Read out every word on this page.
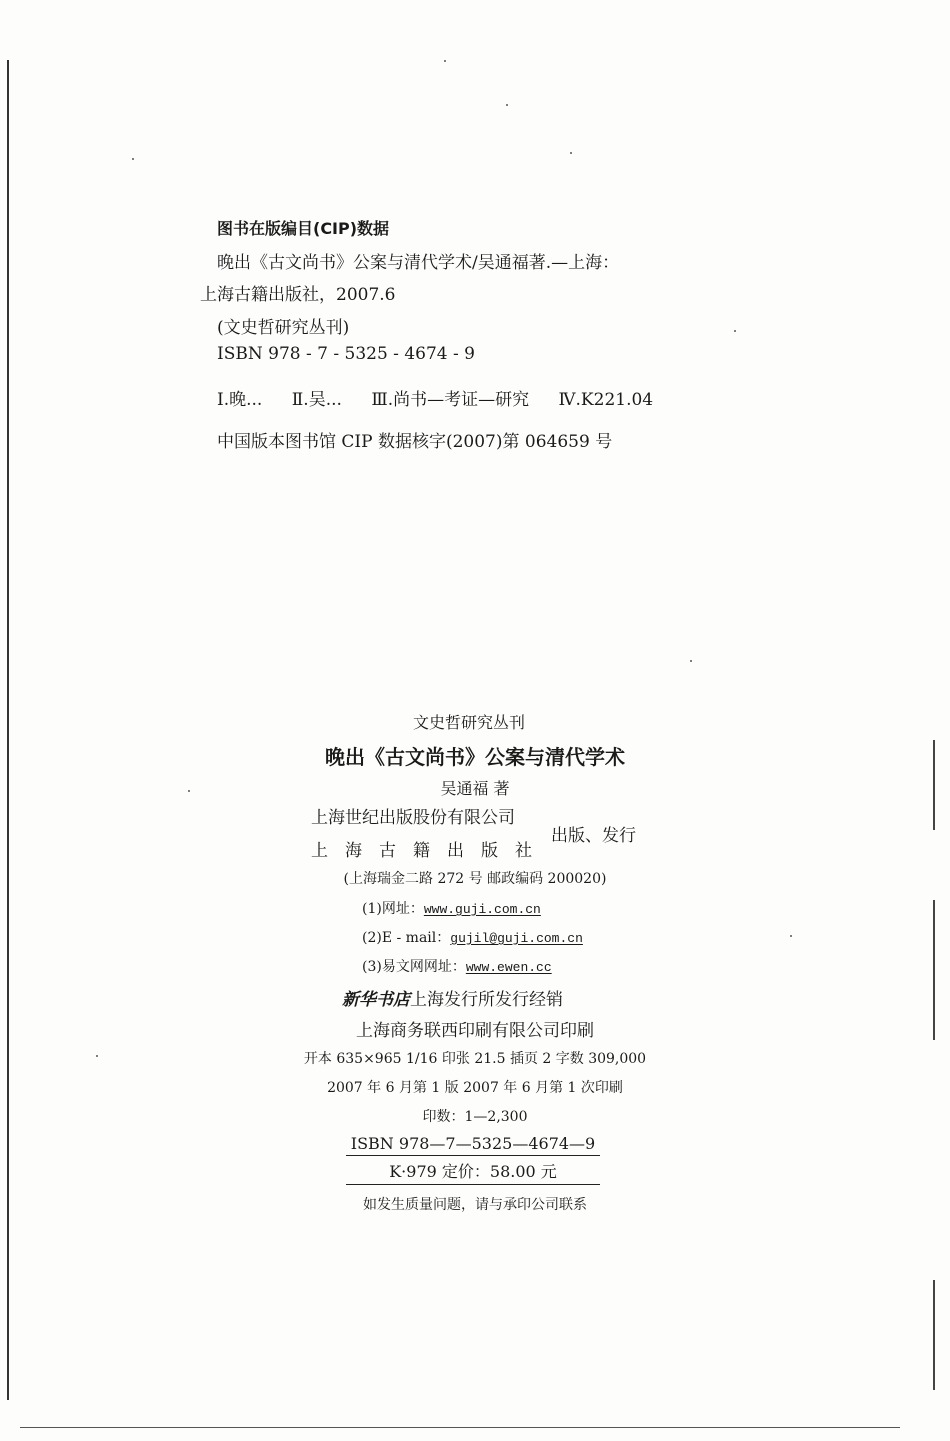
图书在版编目(CIP)数据
晚出《古文尚书》公案与清代学术/吴通福著.—上海：
上海古籍出版社，2007.6
(文史哲研究丛刊)
ISBN 978 - 7 - 5325 - 4674 - 9
Ⅰ.晚... Ⅱ.吴... Ⅲ.尚书—考证—研究 Ⅳ.K221.04
中国版本图书馆 CIP 数据核字(2007)第 064659 号
文史哲研究丛刊
晚出《古文尚书》公案与清代学术
吴通福 著
上海世纪出版股份有限公司
上海古籍出版社
出版、发行
(上海瑞金二路 272 号 邮政编码 200020)
(1)网址：www.guji.com.cn
(2)E - mail：gujil@guji.com.cn
(3)易文网网址：www.ewen.cc
新华书店上海发行所发行经销
上海商务联西印刷有限公司印刷
开本 635×965 1/16 印张 21.5 插页 2 字数 309,000
2007 年 6 月第 1 版 2007 年 6 月第 1 次印刷
印数：1—2,300
ISBN 978—7—5325—4674—9
K·979 定价：58.00 元
如发生质量问题，请与承印公司联系
